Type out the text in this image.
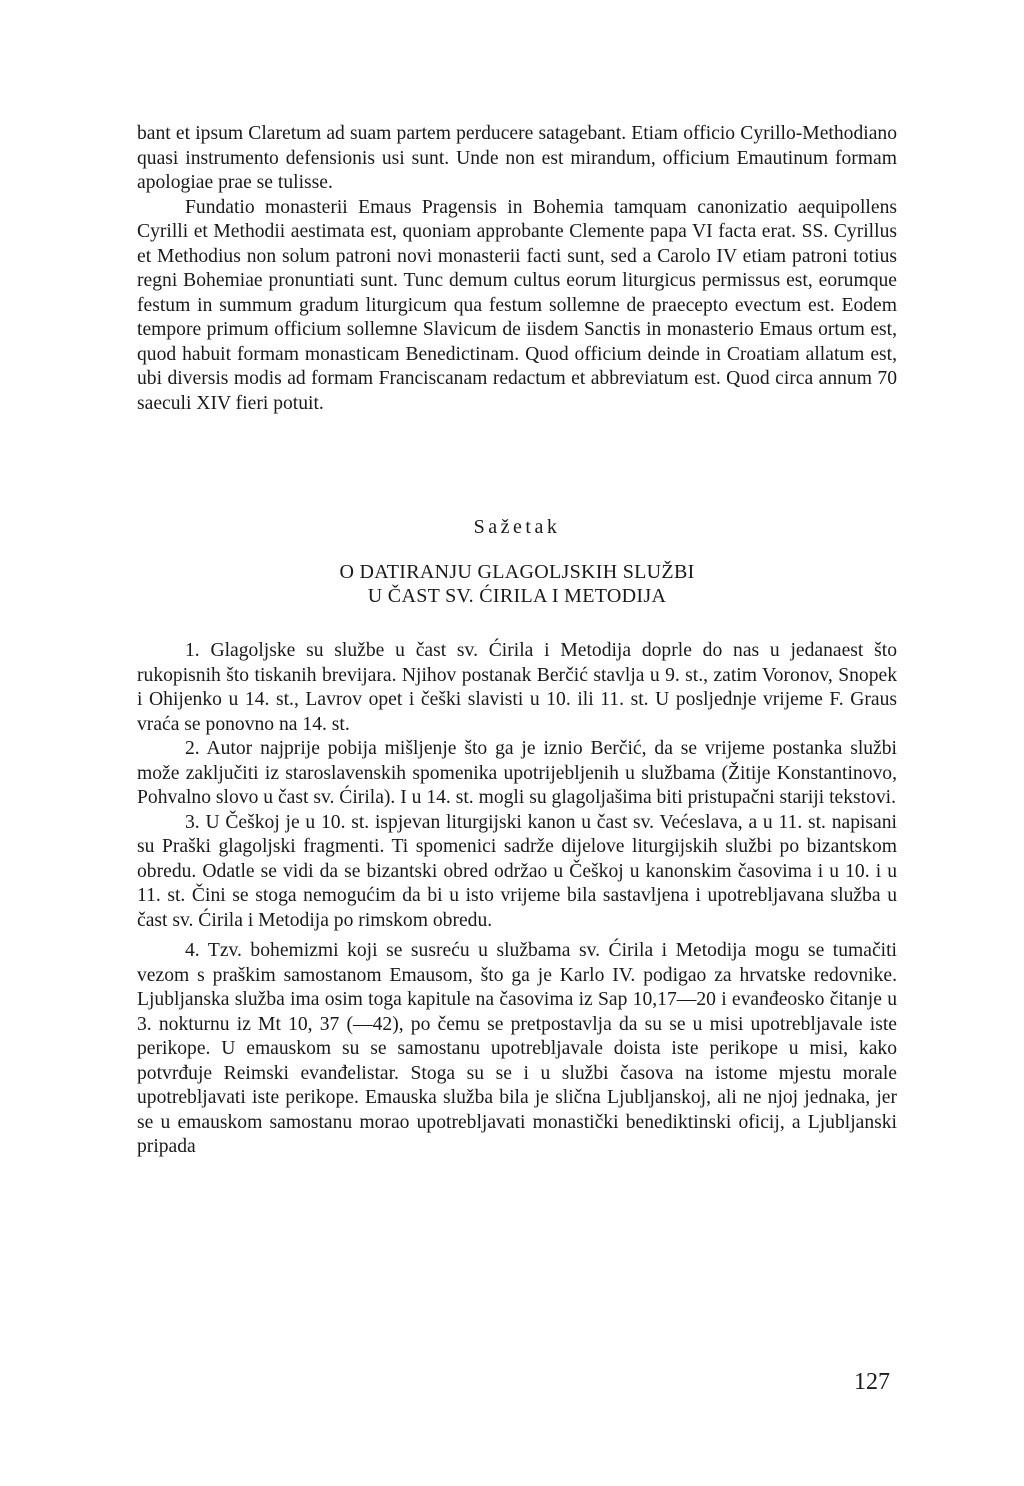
bant et ipsum Claretum ad suam partem perducere satagebant. Etiam officio Cyrillo-Methodiano quasi instrumento defensionis usi sunt. Unde non est mirandum, officium Emautinum formam apologiae prae se tulisse.

Fundatio monasterii Emaus Pragensis in Bohemia tamquam canonizatio aequipollens Cyrilli et Methodii aestimata est, quoniam approbante Clemente papa VI facta erat. SS. Cyrillus et Methodius non solum patroni novi monasterii facti sunt, sed a Carolo IV etiam patroni totius regni Bohemiae pronuntiati sunt. Tunc demum cultus eorum liturgicus permissus est, eorumque festum in summum gradum liturgicum qua festum sollemne de praecepto evectum est. Eodem tempore primum officium sollemne Slavicum de iisdem Sanctis in monasterio Emaus ortum est, quod habuit formam monasticam Benedictinam. Quod officium deinde in Croatiam allatum est, ubi diversis modis ad formam Franciscanam redactum et abbreviatum est. Quod circa annum 70 saeculi XIV fieri potuit.

Sažetak
O DATIRANJU GLAGOLJSKIH SLUŽBI
U ČAST SV. ĆIRILA I METODIJA

1. Glagoljske su službe u čast sv. Ćirila i Metodija doprle do nas u jedanaest što rukopisnih što tiskanih brevijara. Njihov postanak Berčić stavlja u 9. st., zatim Voronov, Snopek i Ohijenko u 14. st., Lavrov opet i češki slavisti u 10. ili 11. st. U posljednje vrijeme F. Graus vraća se ponovno na 14. st.

2. Autor najprije pobija mišljenje što ga je iznio Berčić, da se vrijeme postanka službi može zaključiti iz staroslavenskih spomenika upotrijebljenih u službama (Žitije Konstantinovo, Pohvalno slovo u čast sv. Ćirila). I u 14. st. mogli su glagoljašima biti pristupačni stariji tekstovi.

3. U Češkoj je u 10. st. ispjevan liturgijski kanon u čast sv. Većeslava, a u 11. st. napisani su Praški glagoljski fragmenti. Ti spomenici sadrže dijelove liturgijskih službi po bizantskom obredu. Odatle se vidi da se bizantski obred održao u Češkoj u kanonskim časovima i u 10. i u 11. st. Čini se stoga nemogućim da bi u isto vrijeme bila sastavljena i upotrebljavana služba u čast sv. Ćirila i Metodija po rimskom obredu.

4. Tzv. bohemizmi koji se susreću u službama sv. Ćirila i Metodija mogu se tumačiti vezom s praškim samostanom Emausom, što ga je Karlo IV. podigao za hrvatske redovnike. Ljubljanska služba ima osim toga kapitule na časovima iz Sap 10,17—20 i evanđeosko čitanje u 3. nokturnu iz Mt 10, 37 (—42), po čemu se pretpostavlja da su se u misi upotrebljavale iste perikope. U emauskom su se samostanu upotrebljavale doista iste perikope u misi, kako potvrđuje Reimski evanđelistar. Stoga su se i u službi časova na istome mjestu morale upotrebljavati iste perikope. Emauska služba bila je slična Ljubljanskoj, ali ne njoj jednaka, jer se u emauskom samostanu morao upotrebljavati monastički benediktinski oficij, a Ljubljanski pripada

127
